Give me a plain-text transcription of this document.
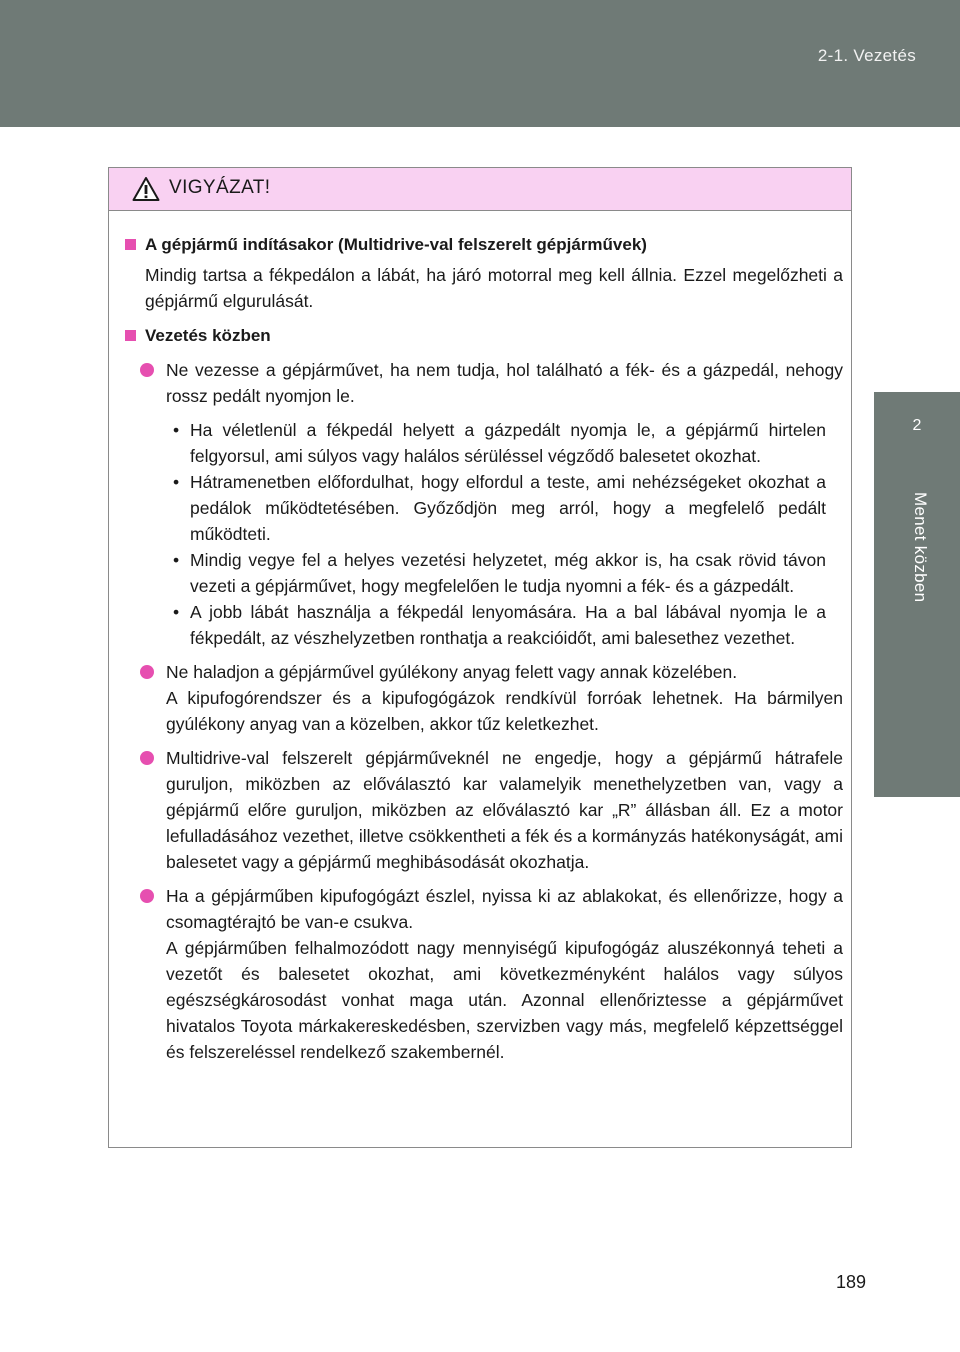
2-1. Vezetés
2
Menet közben
VIGYÁZAT!
A gépjármű indításakor (Multidrive-val felszerelt gépjárművek)
Mindig tartsa a fékpedálon a lábát, ha járó motorral meg kell állnia. Ezzel megelőzheti a gépjármű elgurulását.
Vezetés közben
Ne vezesse a gépjárművet, ha nem tudja, hol található a fék- és a gázpedál, nehogy rossz pedált nyomjon le.
• Ha véletlenül a fékpedál helyett a gázpedált nyomja le, a gépjármű hirtelen felgyorsul, ami súlyos vagy halálos sérüléssel végződő balesetet okozhat.
• Hátramenetben előfordulhat, hogy elfordul a teste, ami nehézségeket okozhat a pedálok működtetésében. Győződjön meg arról, hogy a megfelelő pedált működteti.
• Mindig vegye fel a helyes vezetési helyzetet, még akkor is, ha csak rövid távon vezeti a gépjárművet, hogy megfelelően le tudja nyomni a fék- és a gázpedált.
• A jobb lábát használja a fékpedál lenyomására. Ha a bal lábával nyomja le a fékpedált, az vészhelyzetben ronthatja a reakcióidőt, ami balesethez vezethet.
Ne haladjon a gépjárművel gyúlékony anyag felett vagy annak közelében.
A kipufogórendszer és a kipufogógázok rendkívül forróak lehetnek. Ha bármilyen gyúlékony anyag van a közelben, akkor tűz keletkezhet.
Multidrive-val felszerelt gépjárműveknél ne engedje, hogy a gépjármű hátrafele guruljon, miközben az előválasztó kar valamelyik menethelyzetben van, vagy a gépjármű előre guruljon, miközben az előválasztó kar „R” állásban áll. Ez a motor lefulladásához vezethet, illetve csökkentheti a fék és a kormányzás hatékonyságát, ami balesetet vagy a gépjármű meghibásodását okozhatja.
Ha a gépjárműben kipufogógázt észlel, nyissa ki az ablakokat, és ellenőrizze, hogy a csomagtérajtó be van-e csukva.
A gépjárműben felhalmozódott nagy mennyiségű kipufogógáz aluszékonnyá teheti a vezetőt és balesetet okozhat, ami következményként halálos vagy súlyos egészségkárosodást vonhat maga után. Azonnal ellenőriztesse a gépjárművet hivatalos Toyota márkakereskedésben, szervizben vagy más, megfelelő képzettséggel és felszereléssel rendelkező szakembernél.
189
